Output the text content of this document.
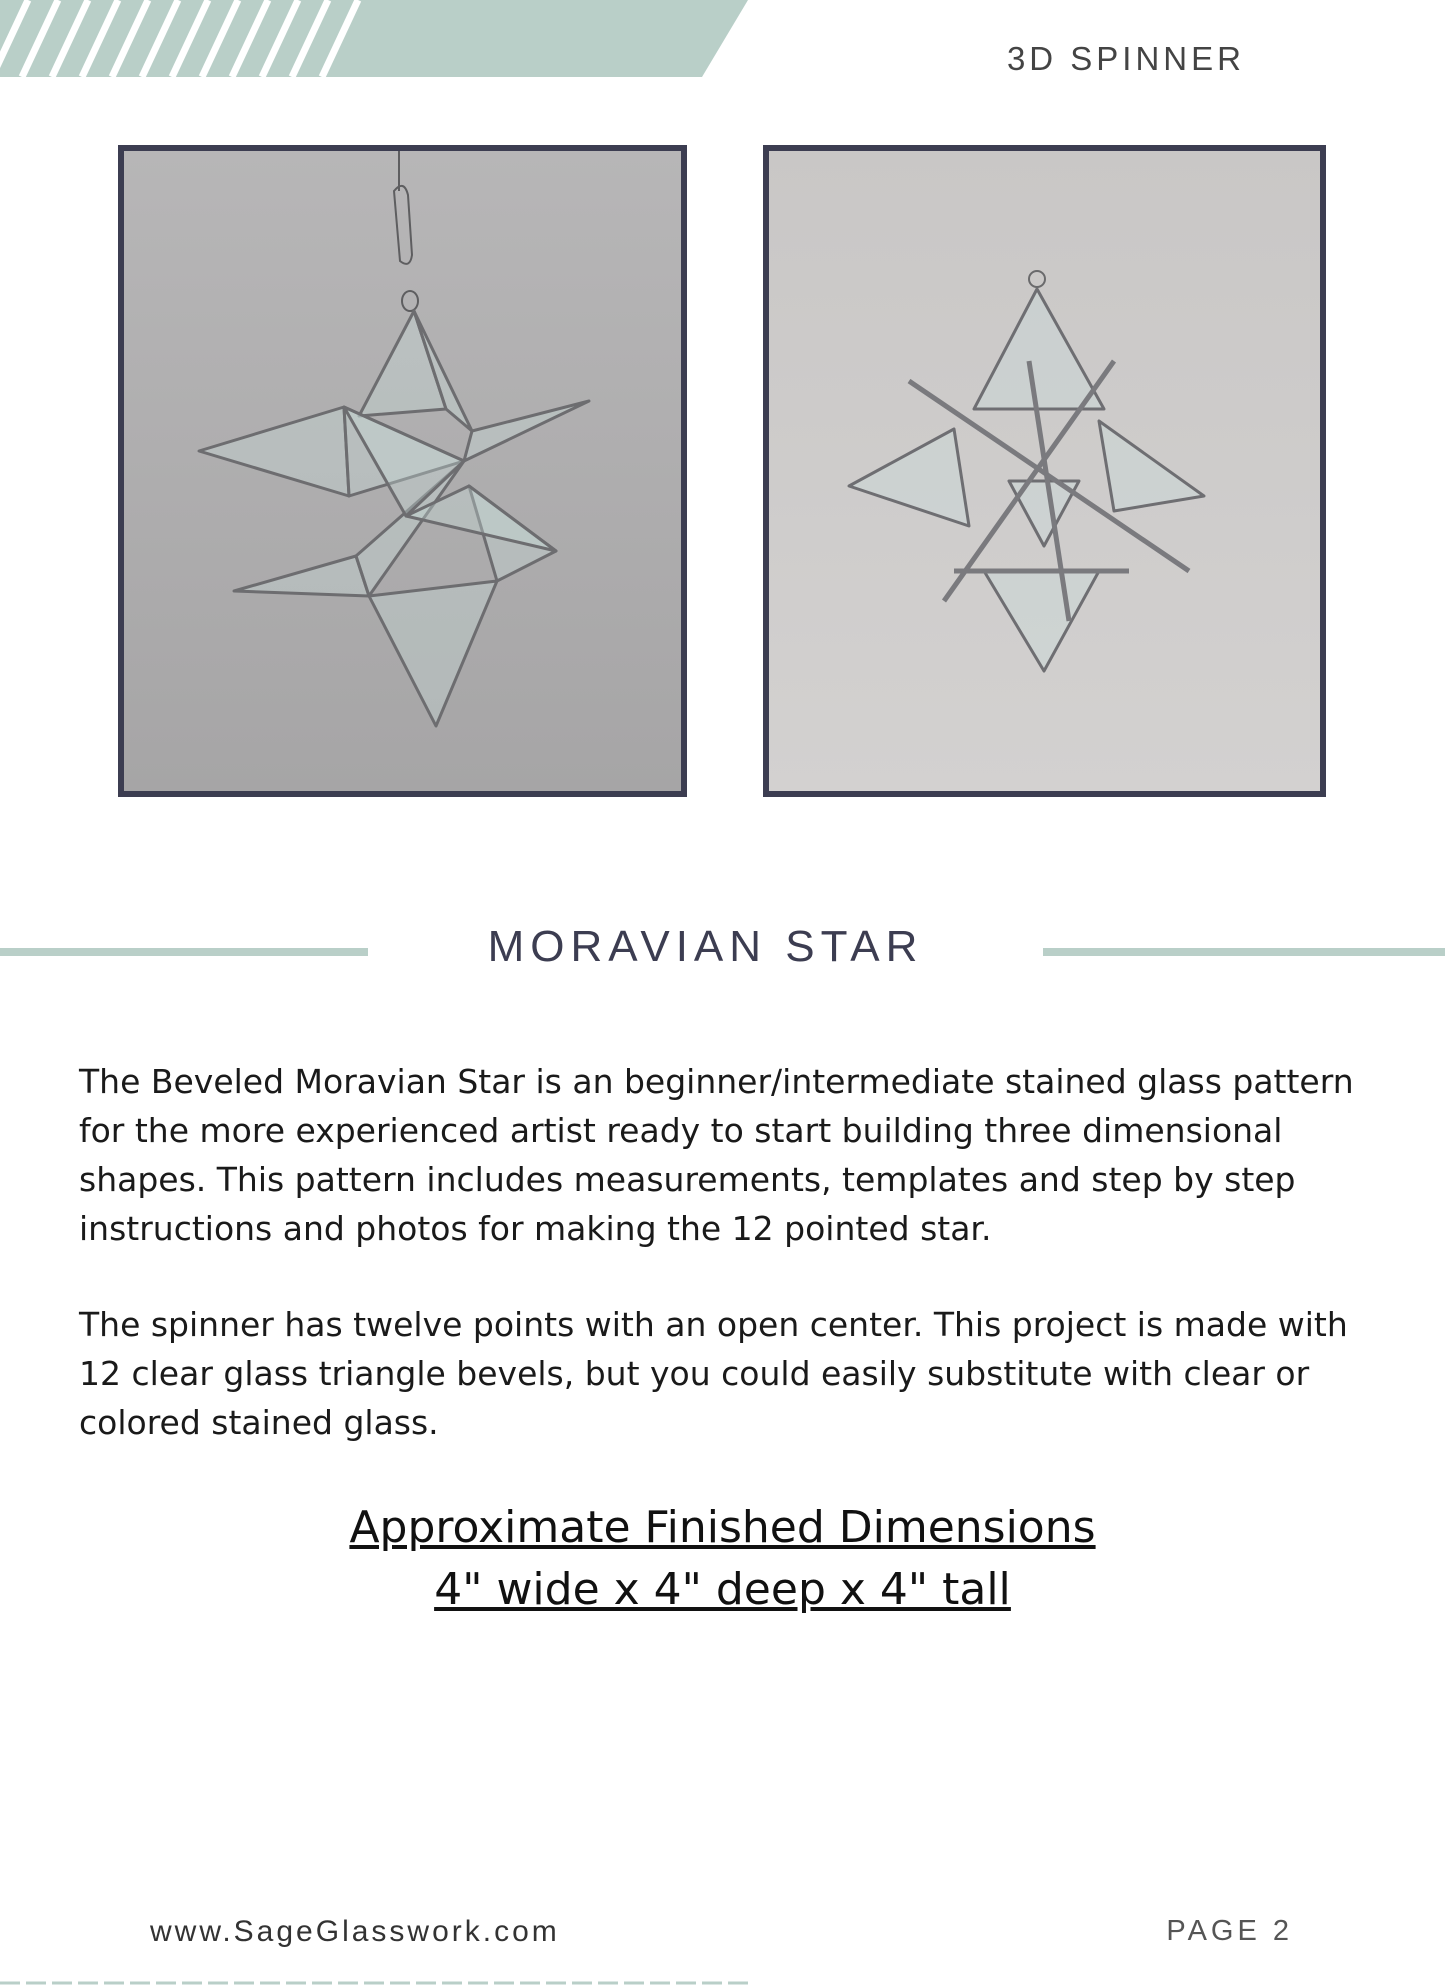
3D SPINNER
MORAVIAN STAR

The Beveled Moravian Star is an beginner/intermediate stained glass pattern for the more experienced artist ready to start building three dimensional shapes. This pattern includes measurements, templates and step by step instructions and photos for making the 12 pointed star.

The spinner has twelve points with an open center. This project is made with 12 clear glass triangle bevels, but you could easily substitute with clear or colored stained glass.

Approximate Finished Dimensions
4" wide x 4" deep x 4" tall
www.SageGlasswork.com	PAGE 2
